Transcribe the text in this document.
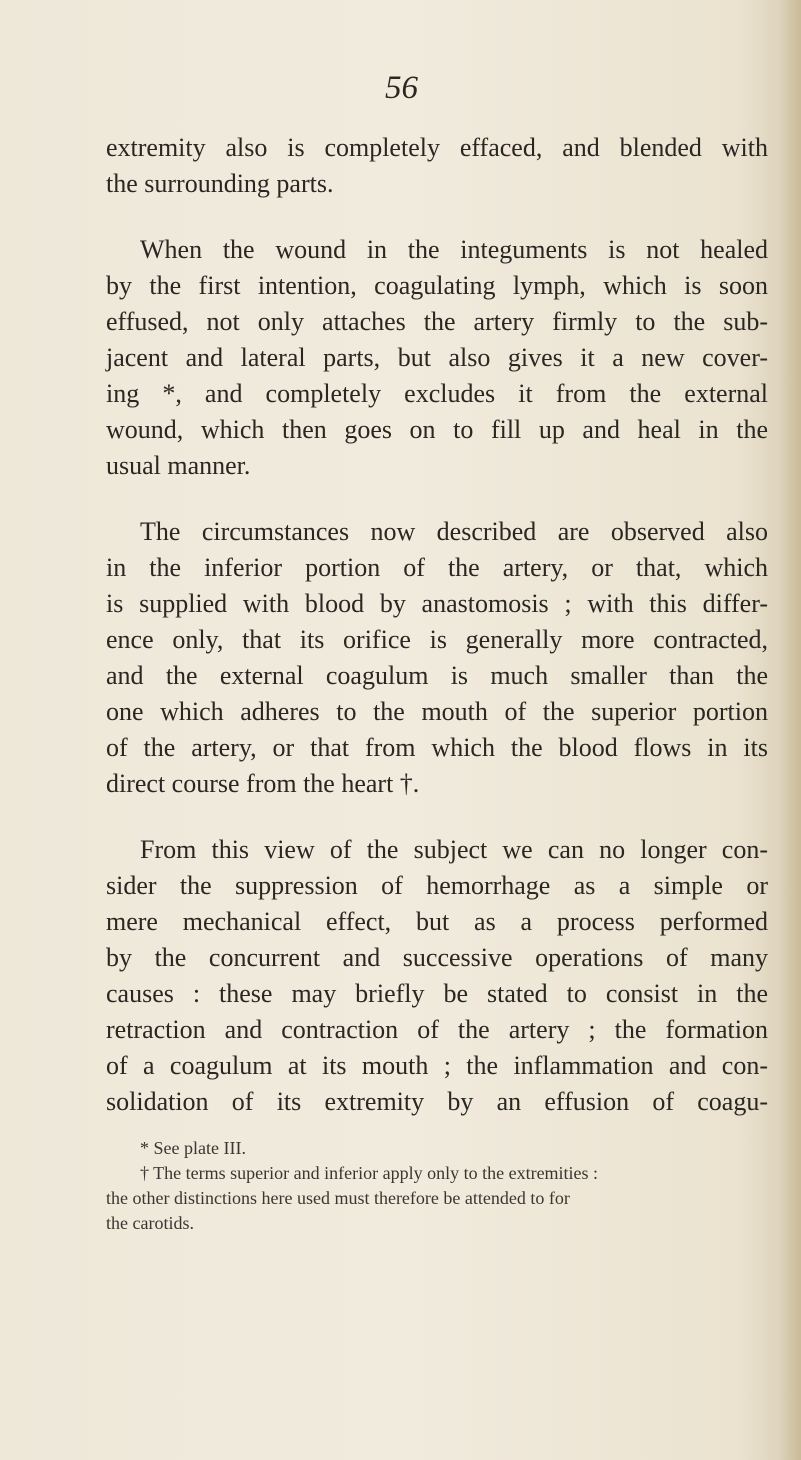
56

extremity also is completely effaced, and blended with
the surrounding parts.

When the wound in the integuments is not healed
by the first intention, coagulating lymph, which is soon
effused, not only attaches the artery firmly to the sub-
jacent and lateral parts, but also gives it a new cover-
ing *, and completely excludes it from the external
wound, which then goes on to fill up and heal in the
usual manner.

The circumstances now described are observed also
in the inferior portion of the artery, or that, which
is supplied with blood by anastomosis ; with this differ-
ence only, that its orifice is generally more contracted,
and the external coagulum is much smaller than the
one which adheres to the mouth of the superior portion
of the artery, or that from which the blood flows in its
direct course from the heart †.

From this view of the subject we can no longer con-
sider the suppression of hemorrhage as a simple or
mere mechanical effect, but as a process performed
by the concurrent and successive operations of many
causes : these may briefly be stated to consist in the
retraction and contraction of the artery ; the formation
of a coagulum at its mouth ; the inflammation and con-
solidation of its extremity by an effusion of coagu-

* See plate III.

† The terms superior and inferior apply only to the extremities :
the other distinctions here used must therefore be attended to for
the carotids.
